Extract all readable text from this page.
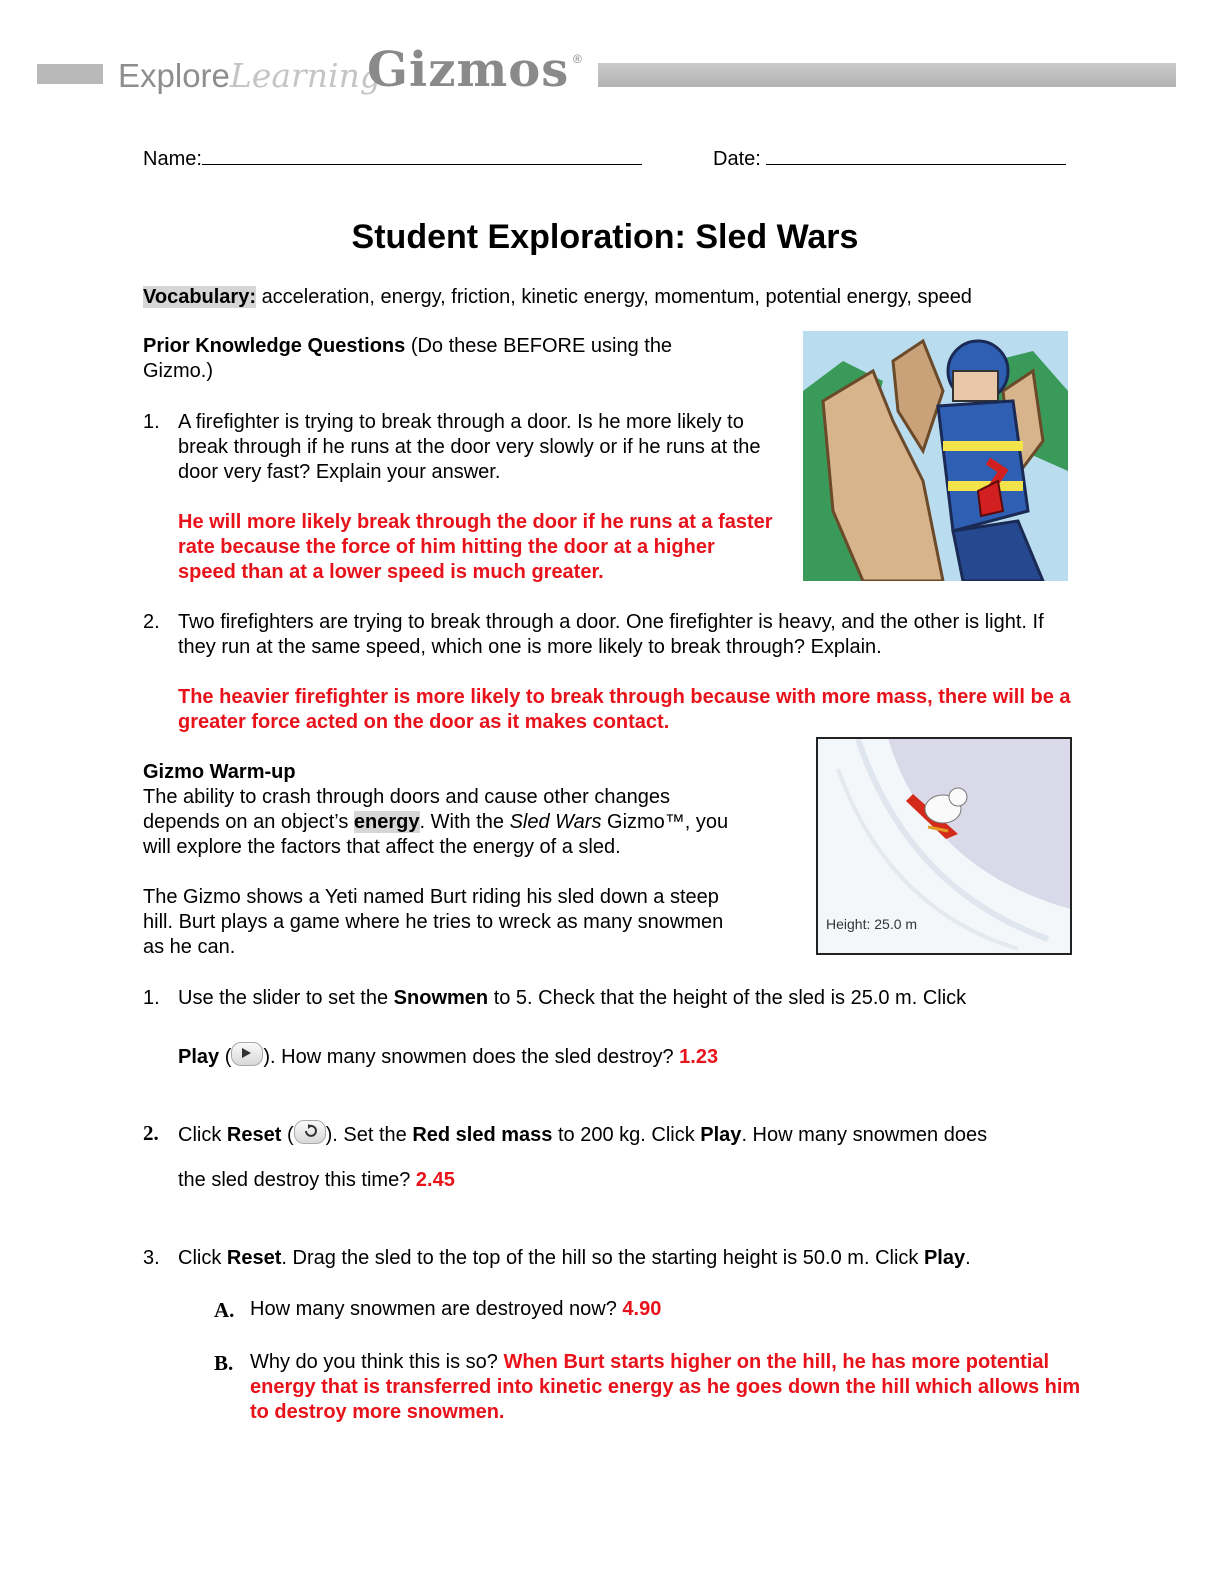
ExploreLearning
Gizmos ®
Name:	Date:
Student Exploration: Sled Wars
Vocabulary: acceleration, energy, friction, kinetic energy, momentum, potential energy, speed
Prior Knowledge Questions (Do these BEFORE using the Gizmo.)
1. A firefighter is trying to break through a door. Is he more likely to break through if he runs at the door very slowly or if he runs at the door very fast? Explain your answer.
He will more likely break through the door if he runs at a faster rate because the force of him hitting the door at a higher speed than at a lower speed is much greater.
2. Two firefighters are trying to break through a door. One firefighter is heavy, and the other is light. If they run at the same speed, which one is more likely to break through? Explain.
The heavier firefighter is more likely to break through because with more mass, there will be a greater force acted on the door as it makes contact.
Gizmo Warm-up
The ability to crash through doors and cause other changes depends on an object’s energy. With the Sled Wars Gizmo™, you will explore the factors that affect the energy of a sled.
The Gizmo shows a Yeti named Burt riding his sled down a steep hill. Burt plays a game where he tries to wreck as many snowmen as he can.
Height: 25.0 m
1. Use the slider to set the Snowmen to 5. Check that the height of the sled is 25.0 m. Click
Play ( ). How many snowmen does the sled destroy? 1.23
2. Click Reset ( ). Set the Red sled mass to 200 kg. Click Play. How many snowmen does
the sled destroy this time? 2.45
3. Click Reset. Drag the sled to the top of the hill so the starting height is 50.0 m. Click Play.
A. How many snowmen are destroyed now? 4.90
B. Why do you think this is so? When Burt starts higher on the hill, he has more potential energy that is transferred into kinetic energy as he goes down the hill which allows him to destroy more snowmen.
